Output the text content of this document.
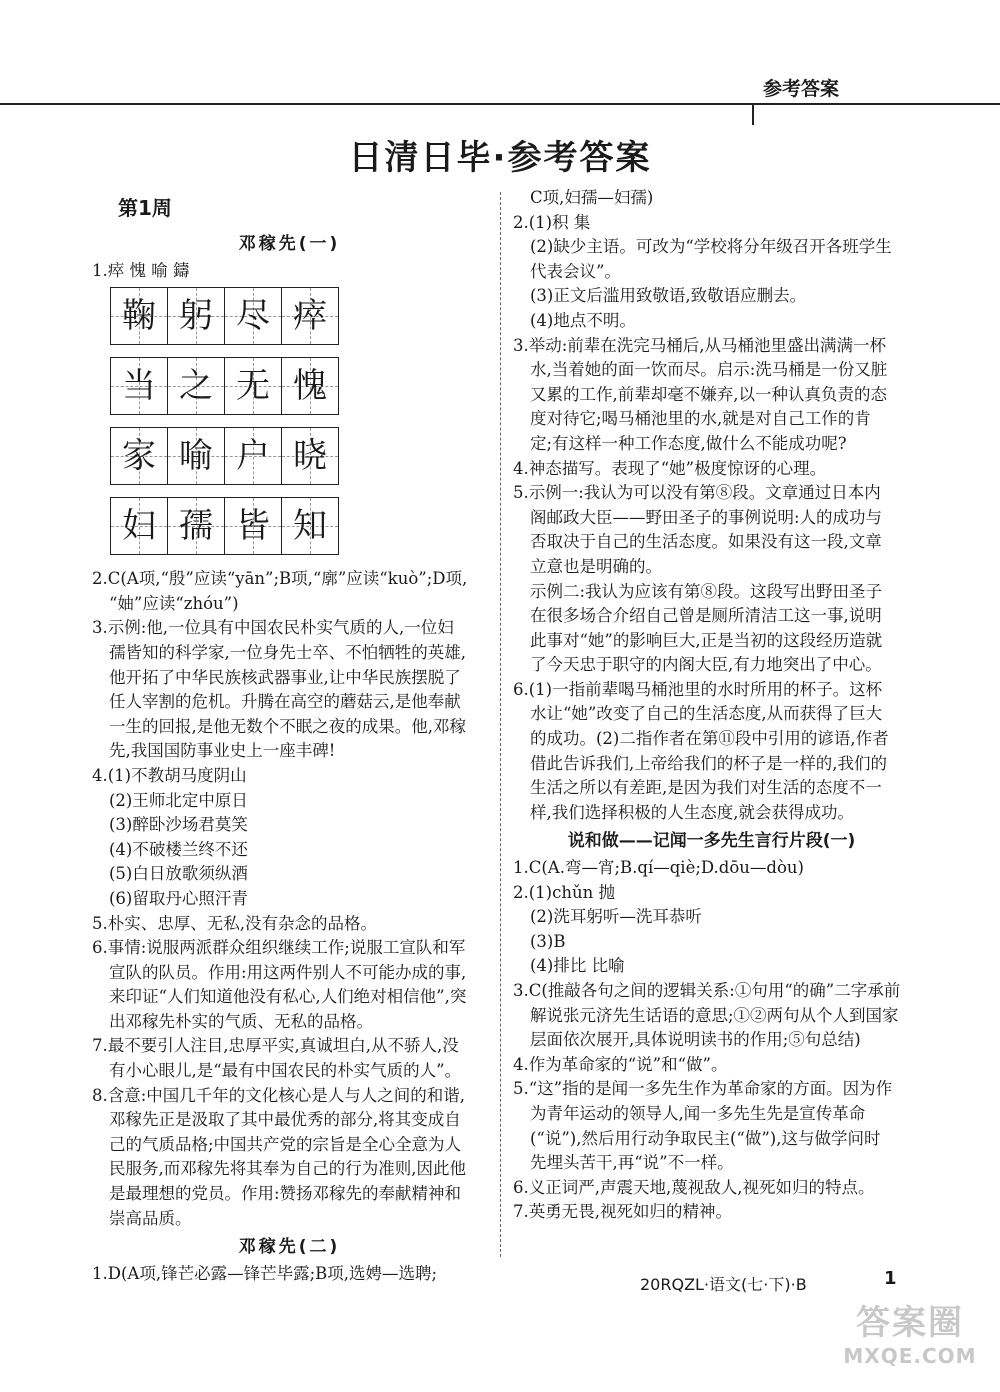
参考答案
日清日毕·参考答案
第1周
邓稼先(一)

1.瘁 愧 喻 鑄

鞠 躬 尽 瘁
当 之 无 愧
家 喻 户 晓
妇 孺 皆 知

2.C(A项,“殷”应读“yān”;B项,“廓”应读“kuò”;D项,

“妯”应读“zhóu”)

3.示例:他,一位具有中国农民朴实气质的人,一位妇

孺皆知的科学家,一位身先士卒、不怕牺牲的英雄,

他开拓了中华民族核武器事业,让中华民族摆脱了

任人宰割的危机。升腾在高空的蘑菇云,是他奉献

一生的回报,是他无数个不眠之夜的成果。他,邓稼

先,我国国防事业史上一座丰碑!

4.(1)不教胡马度阴山

(2)王师北定中原日

(3)醉卧沙场君莫笑

(4)不破楼兰终不还

(5)白日放歌须纵酒

(6)留取丹心照汗青

5.朴实、忠厚、无私,没有杂念的品格。

6.事情:说服两派群众组织继续工作;说服工宣队和军

宣队的队员。作用:用这两件别人不可能办成的事,

来印证“人们知道他没有私心,人们绝对相信他”,突

出邓稼先朴实的气质、无私的品格。

7.最不要引人注目,忠厚平实,真诚坦白,从不骄人,没

有小心眼儿,是“最有中国农民的朴实气质的人”。

8.含意:中国几千年的文化核心是人与人之间的和谐,

邓稼先正是汲取了其中最优秀的部分,将其变成自

己的气质品格;中国共产党的宗旨是全心全意为人

民服务,而邓稼先将其奉为自己的行为准则,因此他

是最理想的党员。作用:赞扬邓稼先的奉献精神和

崇高品质。

邓稼先(二)

1.D(A项,锋芒必露—锋芒毕露;B项,选娉—选聘;

C项,妇孺—妇孺)

2.(1)积 集

(2)缺少主语。可改为“学校将分年级召开各班学生

代表会议”。

(3)正文后滥用致敬语,致敬语应删去。

(4)地点不明。

3.举动:前辈在洗完马桶后,从马桶池里盛出满满一杯

水,当着她的面一饮而尽。启示:洗马桶是一份又脏

又累的工作,前辈却毫不嫌弃,以一种认真负责的态

度对待它;喝马桶池里的水,就是对自己工作的肯

定;有这样一种工作态度,做什么不能成功呢?

4.神态描写。表现了“她”极度惊讶的心理。

5.示例一:我认为可以没有第⑧段。文章通过日本内

阁邮政大臣——野田圣子的事例说明:人的成功与

否取决于自己的生活态度。如果没有这一段,文章

立意也是明确的。

示例二:我认为应该有第⑧段。这段写出野田圣子

在很多场合介绍自己曾是厕所清洁工这一事,说明

此事对“她”的影响巨大,正是当初的这段经历造就

了今天忠于职守的内阁大臣,有力地突出了中心。

6.(1)一指前辈喝马桶池里的水时所用的杯子。这杯

水让“她”改变了自己的生活态度,从而获得了巨大

的成功。(2)二指作者在第⑪段中引用的谚语,作者

借此告诉我们,上帝给我们的杯子是一样的,我们的

生活之所以有差距,是因为我们对生活的态度不一

样,我们选择积极的人生态度,就会获得成功。

说和做——记闻一多先生言行片段(一)

1.C(A.弯—宵;B.qí—qiè;D.dōu—dòu)

2.(1)chǔn 抛

(2)洗耳躬听—洗耳恭听

(3)B

(4)排比 比喻

3.C(推敲各句之间的逻辑关系:①句用“的确”二字承前

解说张元济先生话语的意思;①②两句从个人到国家

层面依次展开,具体说明读书的作用;⑤句总结)

4.作为革命家的“说”和“做”。

5.“这”指的是闻一多先生作为革命家的方面。因为作

为青年运动的领导人,闻一多先生先是宣传革命

(“说”),然后用行动争取民主(“做”),这与做学问时

先埋头苦干,再“说”不一样。

6.义正词严,声震天地,蔑视敌人,视死如归的特点。

7.英勇无畏,视死如归的精神。

20RQZL·语文(七·下)·B	1
答案圈
MXQE.COM
